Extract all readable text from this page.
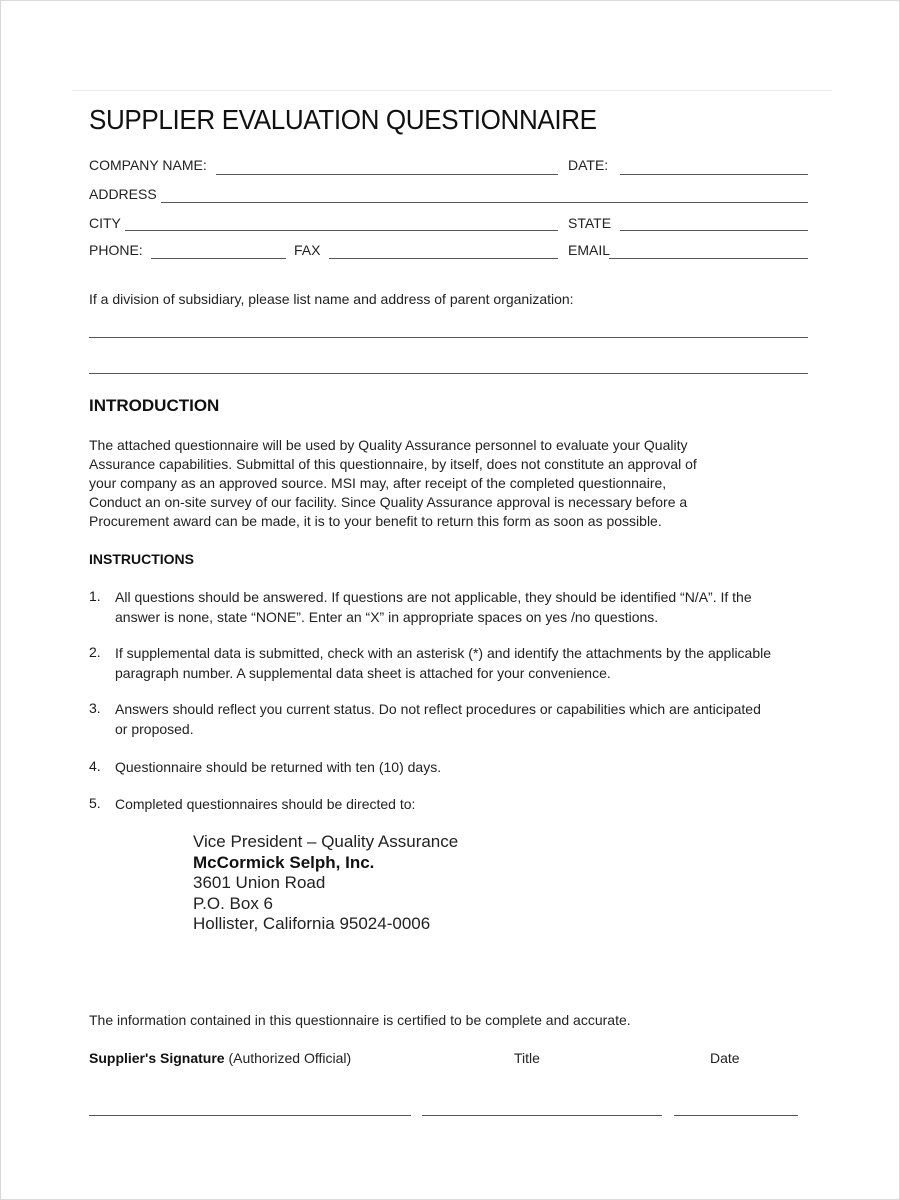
SUPPLIER EVALUATION QUESTIONNAIRE
COMPANY NAME:	DATE:
ADDRESS
CITY	STATE
PHONE:	FAX	EMAIL
If a division of subsidiary, please list name and address of parent organization:
INTRODUCTION
The attached questionnaire will be used by Quality Assurance personnel to evaluate your Quality
Assurance capabilities. Submittal of this questionnaire, by itself, does not constitute an approval of
your company as an approved source. MSI may, after receipt of the completed questionnaire,
Conduct an on-site survey of our facility. Since Quality Assurance approval is necessary before a
Procurement award can be made, it is to your benefit to return this form as soon as possible.
INSTRUCTIONS
1. All questions should be answered. If questions are not applicable, they should be identified “N/A”. If the
answer is none, state “NONE”. Enter an “X” in appropriate spaces on yes /no questions.
2. If supplemental data is submitted, check with an asterisk (*) and identify the attachments by the applicable
paragraph number. A supplemental data sheet is attached for your convenience.
3. Answers should reflect you current status. Do not reflect procedures or capabilities which are anticipated
or proposed.
4. Questionnaire should be returned with ten (10) days.
5. Completed questionnaires should be directed to:
Vice President – Quality Assurance
McCormick Selph, Inc.
3601 Union Road
P.O. Box 6
Hollister, California 95024-0006
The information contained in this questionnaire is certified to be complete and accurate.
Supplier's Signature (Authorized Official)	Title	Date
